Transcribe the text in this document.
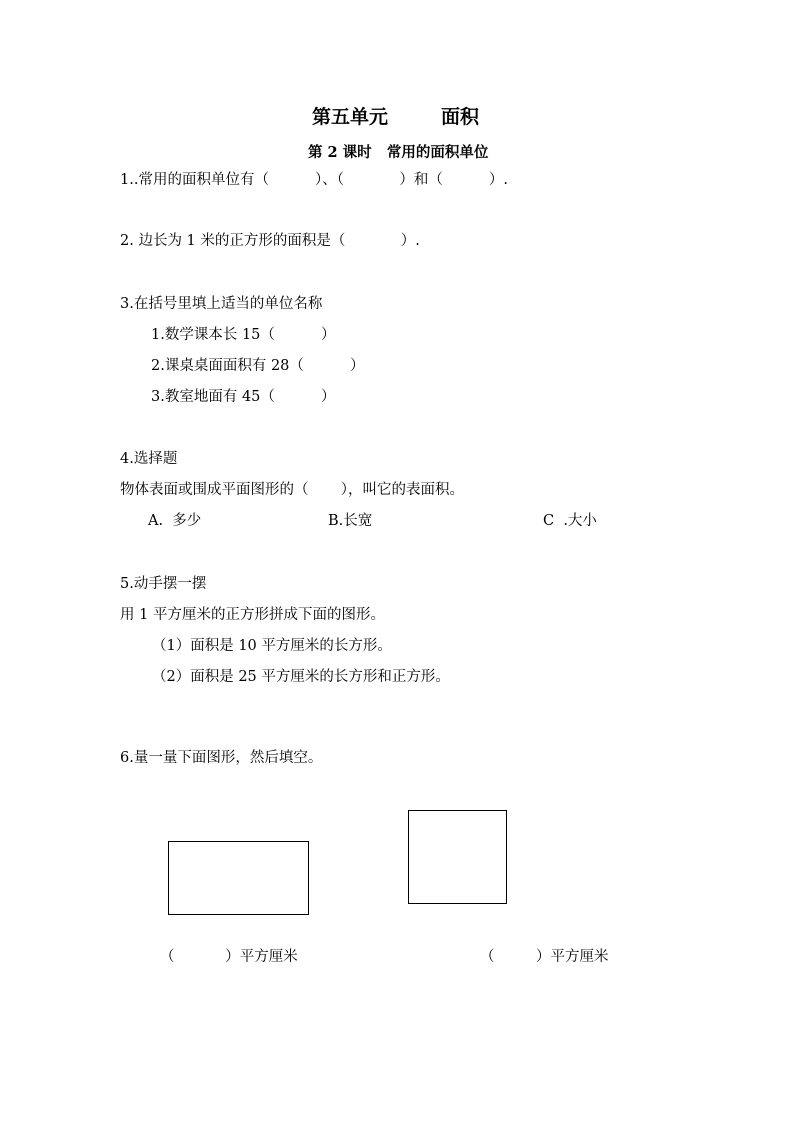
第五单元	面积
第 2 课时   常用的面积单位
1..常用的面积单位有（          ）、（            ）和（          ）.
2. 边长为 1 米的正方形的面积是（            ）.
3.在括号里填上适当的单位名称
1.数学课本长 15（          ）
2.课桌桌面面积有 28（          ）
3.教室地面有 45（          ）
4.选择题
物体表面或围成平面图形的（       ），叫它的表面积。
A.  多少	B.长宽	C  .大小
5.动手摆一摆
用 1 平方厘米的正方形拼成下面的图形。
（1）面积是 10 平方厘米的长方形。
（2）面积是 25 平方厘米的长方形和正方形。
6.量一量下面图形，然后填空。
（           ）平方厘米	（         ）平方厘米
